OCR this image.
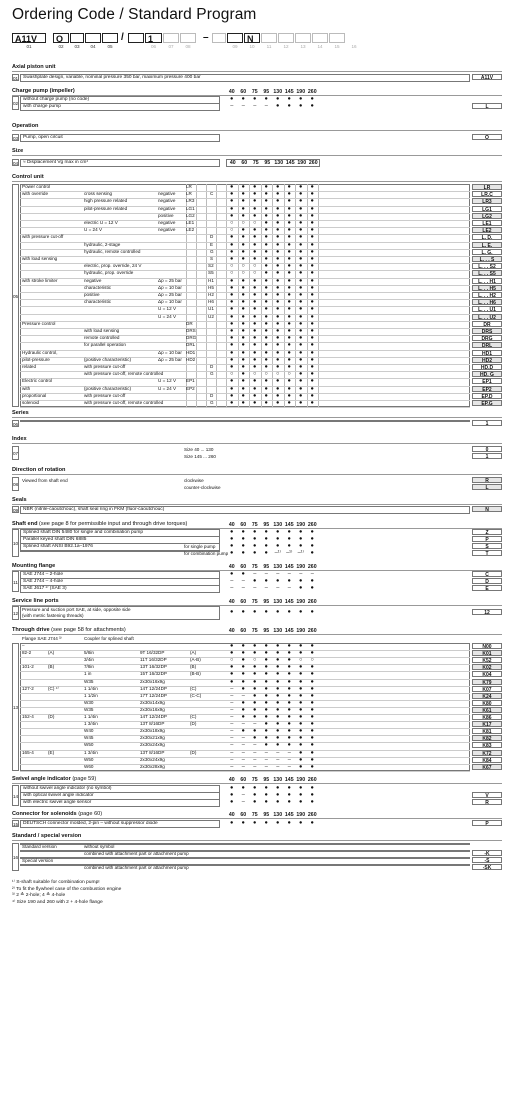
Ordering Code / Standard Program
A11V	O	1	N
/	–
01	02	03	04	05	06	07	08	09	10	11	12	13	14	15	16
Axial piston unit
01	Swashplate design, variable, nominal pressure 350 bar, maximum pressure 400 bar	A11V
Charge pump (impeller)	40 60 75 95 130 145 190 260
02
without charge pump (no code)	● ● ● ● ● ● ● ●
with charge pump	– – – – ● ● ● ●	L
Operation
03	Pump, open circuit	O
Size
04	≈ Displacement Vg max in cm³	40 60 75 95 130 145 190 260
Control unit
05
Power control	LR	● ● ● ● ● ● ● ●	LR
with override	cross sensing	negative LR	C	● ● ● ● ● ● ● ●	LR.C
high pressure related	negative LR3	● ● ● ● ● ● ● ●	LR3
pilot-pressure related	negative LG1	● ● ● ● ● ● ● ●	LG1
positive	LG2	● ● ● ● ● ● ● ●	LG2
electric U = 12 V	negative LE1	○ ○ ○ ● ● ● ● ●	LE1
U = 24 V	negative LE2	○ ● ● ● ● ● ● ●	LE2
with pressure cut-off	D	● ● ● ● ● ● ● ●	L. D.
hydraulic, 2-stage	E	● ● ● ● ● ● ● ●	L. E.
hydraulic, remote controlled	G	● ● ● ● ● ● ● ●	L. G.
with load sensing	S	● ● ● ● ● ● ● ●	L. . . S
electric, prop. override, 24 V	S2	○ ○ ○ ● ● ● ● ●	L. . . S2
hydraulic, prop. override	S5	○ ○ ○ ● ● ● ● ●	L. . . S5
with stroke limiter	negative	Δp = 25 bar	H1	● ● ● ● ● ● ● ●	L. . . H1
characteristic	Δp = 10 bar	H5	● ● ● ● ● ● ● ●	L. . . H5
positive	Δp = 25 bar	H2	● ● ● ● ● ● ● ●	L. . . H2
characteristic	Δp = 10 bar	H6	● ● ● ● ● ● ● ●	L. . . H6
U = 12 V	U1	● ● ● ● ● ● ● ●	L. . . U1
U = 24 V	U2	● ● ● ● ● ● ● ●	L. . . U2
Pressure control	DR	● ● ● ● ● ● ● ●	DR
with load sensing	DRS	● ● ● ● ● ● ● ●	DRS
remote controlled	DRG	● ● ● ● ● ● ● ●	DRG
for parallel operation	DRL	● ● ● ● ● ● ● ●	DRL
Hydraulic control,	Δp = 10 bar HD1	● ● ● ● ● ● ● ●	HD1
pilot-pressure	(positive characteristic)	Δp = 25 bar HD2	● ● ● ● ● ● ● ●	HD2
related	with pressure cut-off	D	● ● ● ● ● ● ● ●	HD.D
with pressure cut-off, remote controlled	G	○ ● ○ ○ ○ ○ ● ●	HD. G
Electric control	U = 12 V EP1	● ● ● ● ● ● ● ●	EP1
with	(positive characteristic)	U = 24 V EP2	● ● ● ● ● ● ● ●	EP2
proportional	with pressure cut-off	D	● ● ● ● ● ● ● ●	EP.D
solenoid	with pressure cut-off, remote controlled	G	● ● ● ● ● ● ● ●	EP.G
Series
06	1
Index
07
Size 40 ... 130	0
Size 145 ... 260	1
Direction of rotation
08
Viewed from shaft end	clockwise	R
counter-clockwise	L
Seals
09	NBR (nitrile-caoutchouc), shaft seal ring in FKM (fluor-caoutchouc)	N
Shaft end (see page 8 for permissible input and through drive torques)	40 60 75 95 130 145 190 260
10
Splined shaft DIN 5480 for single and combination pump	● ● ● ● ● ● ● ●	Z
Parallel keyed shaft DIN 6885	● ● ● ● ● ● ● ●	P
Splined shaft ANSI B92.1a–1976	for single pump	● ● ● ● ● ● ● ●	S
for combination pump ● ● ● ● –¹⁾ –¹⁾ –¹⁾ ●	T
Mounting flange	40 60 75 95 130 145 190 260
11
SAE J744 – 2-hole	● ● – – – – – –	C
SAE J744 – 4-hole	– – ● ● ● ● ● ●	D
SAE J617 ²⁾ (SAE 3)	– – – – – – ● ●	E
Service line ports	40 60 75 95 130 145 190 260
12
Pressure and suction port SAE, at side, opposite side
(with metric fastening threads)
● ● ● ● ● ● ● ●	12
Through drive (see page 58 for attachments)	40 60 75 95 130 145 190 260
Flange SAE J744 ³⁾	Coupler for splined shaft
13
–	● ● ● ● ● ● ● ●	N00
82-2	(A)	5/8in	9T 16/32DP	(A)	● ● ● ● ● ● ● ●	K01
3/4in	11T 16/32DP	(A-B)	○ ● ○ ● ● ● ○ ○	K52
101-2	(B)	7/8in	13T 16/32DP	(B)	● ● ● ● ● ● ● ●	K02
1 in	15T 16/32DP	(B-B)	● ● ● ● ● ● ● ●	K04
W35	2x30x16x9g	● ● ● ● ● ● ● ●	K79
127-2	(C) ⁴⁾	1 1/4in	14T 12/24DP	(C)	– ● ● ● ● ● ● ●	K07
1 1/2in	17T 12/24DP	(C-C)	– – ● ● ● ● ● ●	K24
W30	2x30x14x9g	– ● ● ● ● ● ● ●	K80
W35	2x30x16x9g	– ● ● ● ● ● ● ●	K61
152-4	(D)	1 1/4in	14T 12/24DP	(C)	– ● ● ● ● ● ● ●	K86
1 3/4in	13T 8/16DP	(D)	– – – ● ● ● ● ●	K17
W40	2x30x18x9g	– ● ● ● ● ● ● ●	K81
W45	2x30x21x9g	– – ● ● ● ● ● ●	K82
W50	2x30x24x9g	– – – ● ● ● ● ●	K83
165-4	(E)	1 3/4in	13T 8/16DP	(D)	– – – – – – ● ●	K72
W50	2x30x24x9g	– – – – – – ● ●	K84
W60	2x30x28x9g	– – – – – – ● ●	K67
Swivel angle indicator (page 59)	40 60 75 95 130 145 190 260
14
without swivel angle indicator (no symbol)	● ● ● ● ● ● ● ●
with optical swivel angle indicator	● – ● ● ● ● ● ●	V
with electric swivel angle sensor	● – ● ● ● ● ● ●	R
Connector for solenoids (page 60)	40 60 75 95 130 145 190 260
15	DEUTSCH connector molded, 2-pin – without suppressor diode	● ● ● ● ● ● ● ●	P
Standard / special version
16
Standard version	without symbol
combined with attachment part or attachment pump	-K
Special version	-S
combined with attachment part or attachment pump	-SK
¹⁾ S-shaft suitable for combination pump!
²⁾ To fit the flywheel case of the combustion engine
³⁾ 2 ≙ 2-hole; 4 ≙ 4-hole
⁴⁾ Size 190 and 260 with 2 + 4-hole flange
